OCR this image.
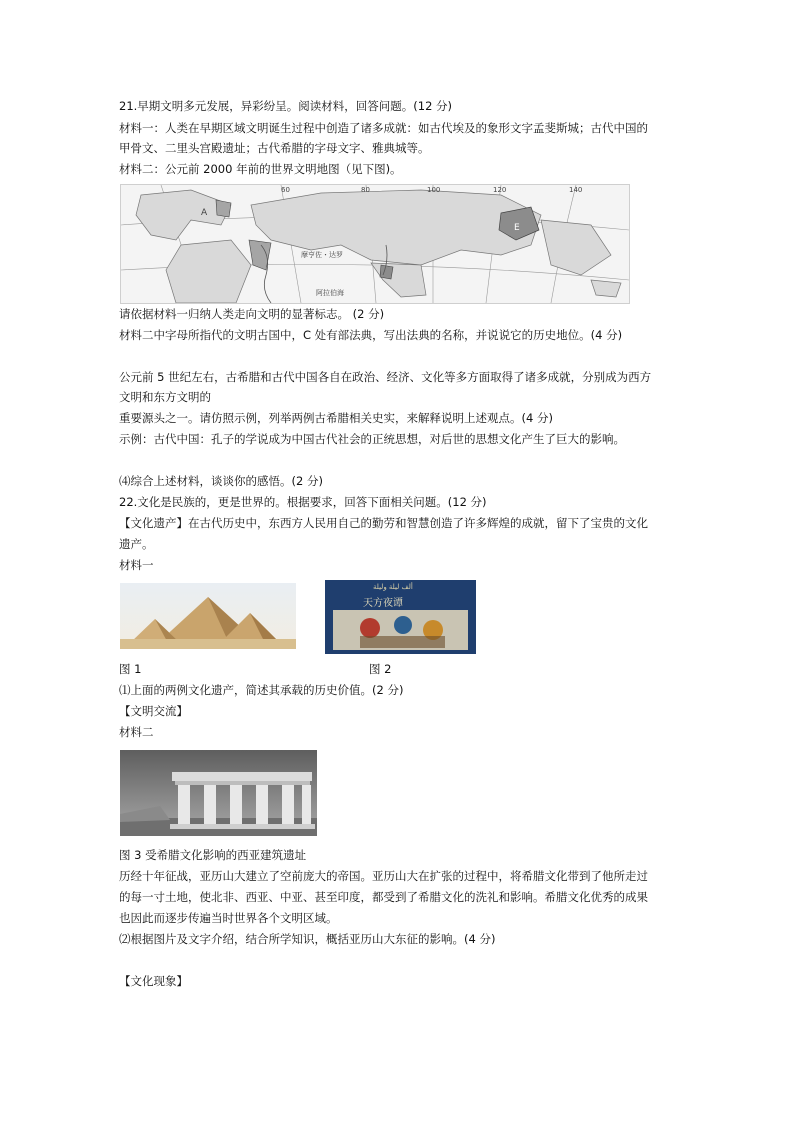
21.早期文明多元发展，异彩纷呈。阅读材料，回答问题。(12 分)
材料一：人类在早期区域文明诞生过程中创造了诸多成就：如古代埃及的象形文字孟斐斯城；古代中国的
甲骨文、二里头宫殿遗址；古代希腊的字母文字、雅典城等。
材料二：公元前 2000 年前的世界文明地图（见下图)。
60	80	100	120	140
A
E
摩亨佐・达罗
阿拉伯海
请依据材料一归纳人类走向文明的显著标志。 (2 分)
材料二中字母所指代的文明古国中，C 处有部法典，写出法典的名称，并说说它的历史地位。(4 分)
公元前 5 世纪左右，古希腊和古代中国各自在政治、经济、文化等多方面取得了诸多成就，分别成为西方
文明和东方文明的
重要源头之一。请仿照示例，列举两例古希腊相关史实，来解释说明上述观点。(4 分)
示例：古代中国：孔子的学说成为中国古代社会的正统思想，对后世的思想文化产生了巨大的影响。
⑷综合上述材料，谈谈你的感悟。(2 分)
22.文化是民族的，更是世界的。根据要求，回答下面相关问题。(12 分)
【文化遗产】在古代历史中，东西方人民用自己的勤劳和智慧创造了许多辉煌的成就，留下了宝贵的文化
遗产。
材料一
ألف ليلة وليلة
天方夜谭
图 1	图 2
⑴上面的两例文化遗产，简述其承载的历史价值。(2 分)
【文明交流】
材料二
图 3 受希腊文化影响的西亚建筑遗址
历经十年征战，亚历山大建立了空前庞大的帝国。亚历山大在扩张的过程中，将希腊文化带到了他所走过
的每一寸土地，使北非、西亚、中亚、甚至印度，都受到了希腊文化的洗礼和影响。希腊文化优秀的成果
也因此而逐步传遍当时世界各个文明区域。
⑵根据图片及文字介绍，结合所学知识，概括亚历山大东征的影响。(4 分)
【文化现象】
